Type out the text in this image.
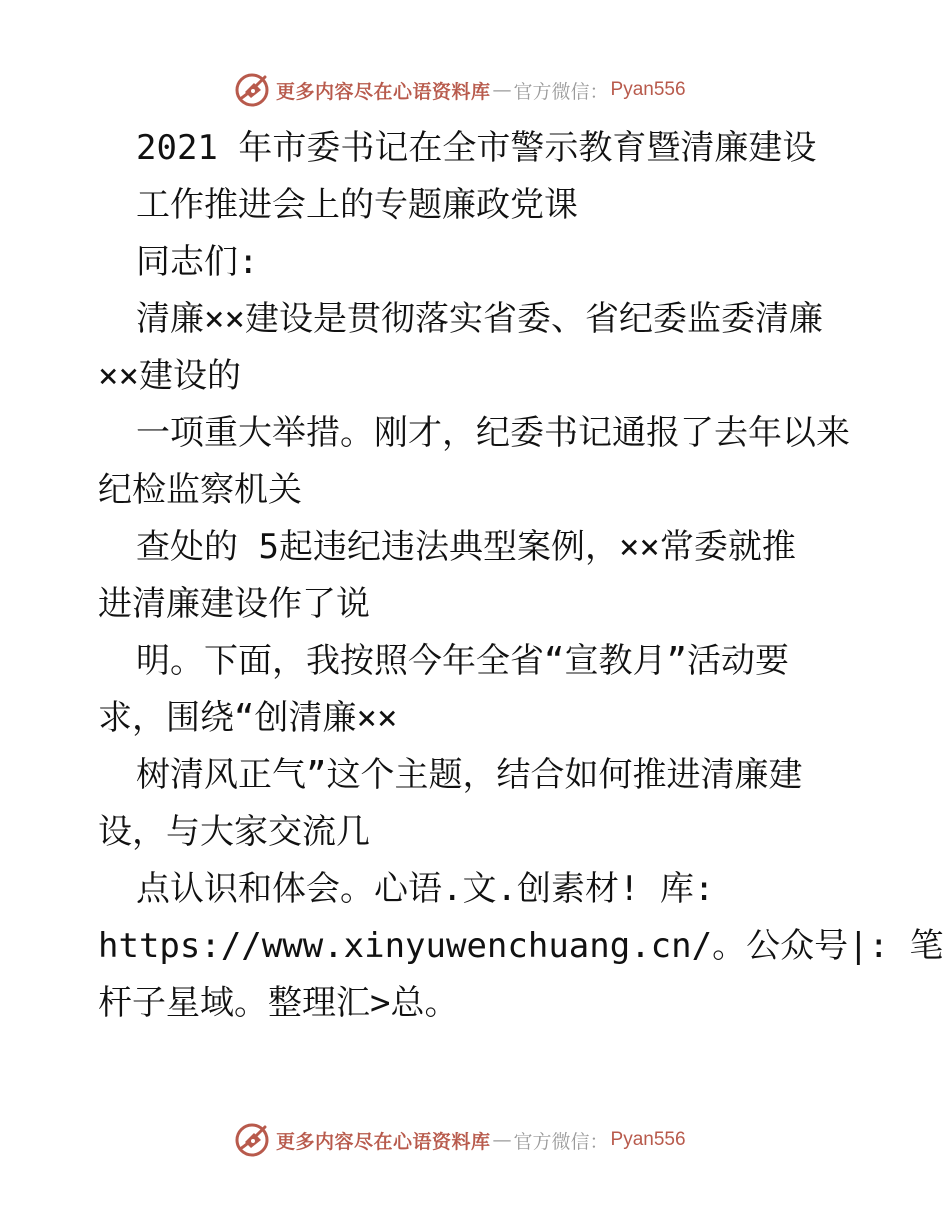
更多内容尽在心语资料库 — 官方微信： Pyan556
2021 年市委书记在全市警示教育暨清廉建设
工作推进会上的专题廉政党课
同志们:
清廉××建设是贯彻落实省委、省纪委监委清廉
××建设的
一项重大举措。刚才，纪委书记通报了去年以来
纪检监察机关
查处的 5起违纪违法典型案例，××常委就推
进清廉建设作了说
明。下面，我按照今年全省“宣教月”活动要
求，围绕“创清廉××
树清风正气”这个主题，结合如何推进清廉建
设，与大家交流几
点认识和体会。心语.文.创素材! 库:
https://www.xinyuwenchuang.cn/。公众号|: 笔
杆子星域。整理汇>总。
更多内容尽在心语资料库 — 官方微信： Pyan556
